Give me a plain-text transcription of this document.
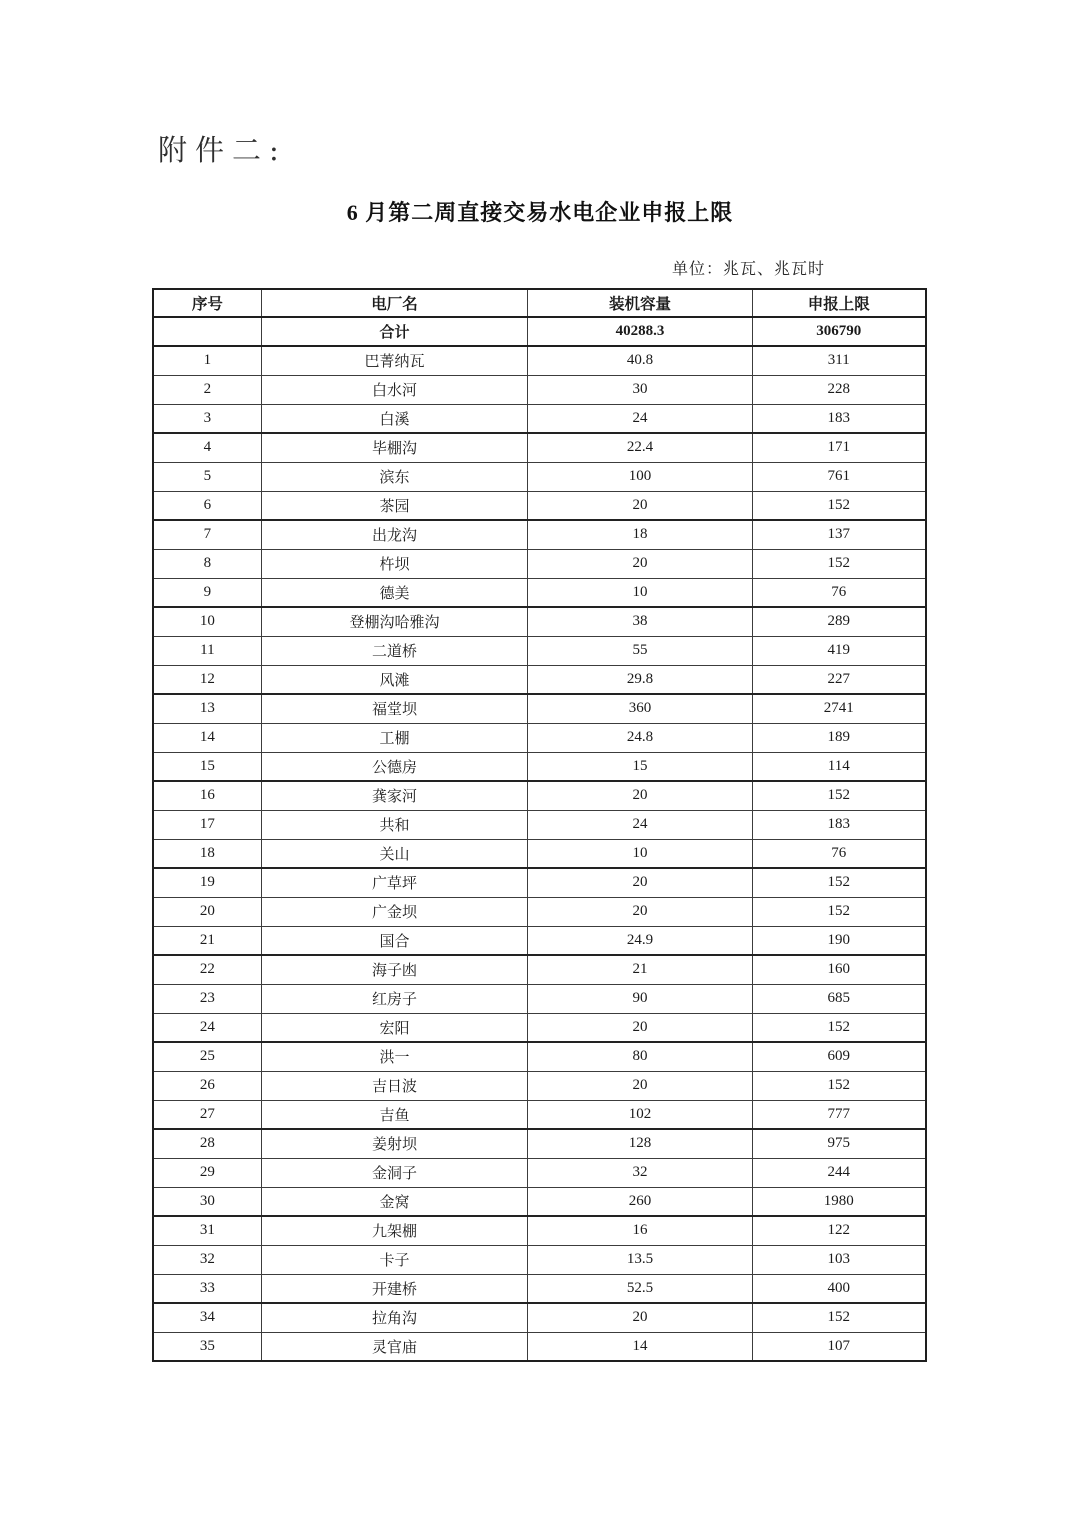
附件二:
6 月第二周直接交易水电企业申报上限
单位：兆瓦、兆瓦时
序号	电厂名	装机容量	申报上限
	合计	40288.3	306790
1	巴菁纳瓦	40.8	311
2	白水河	30	228
3	白溪	24	183
4	毕棚沟	22.4	171
5	滨东	100	761
6	茶园	20	152
7	出龙沟	18	137
8	杵坝	20	152
9	德美	10	76
10	登棚沟哈雅沟	38	289
11	二道桥	55	419
12	风滩	29.8	227
13	福堂坝	360	2741
14	工棚	24.8	189
15	公德房	15	114
16	龚家河	20	152
17	共和	24	183
18	关山	10	76
19	广草坪	20	152
20	广金坝	20	152
21	国合	24.9	190
22	海子凼	21	160
23	红房子	90	685
24	宏阳	20	152
25	洪一	80	609
26	吉日波	20	152
27	吉鱼	102	777
28	姜射坝	128	975
29	金洞子	32	244
30	金窝	260	1980
31	九架棚	16	122
32	卡子	13.5	103
33	开建桥	52.5	400
34	拉角沟	20	152
35	灵官庙	14	107
